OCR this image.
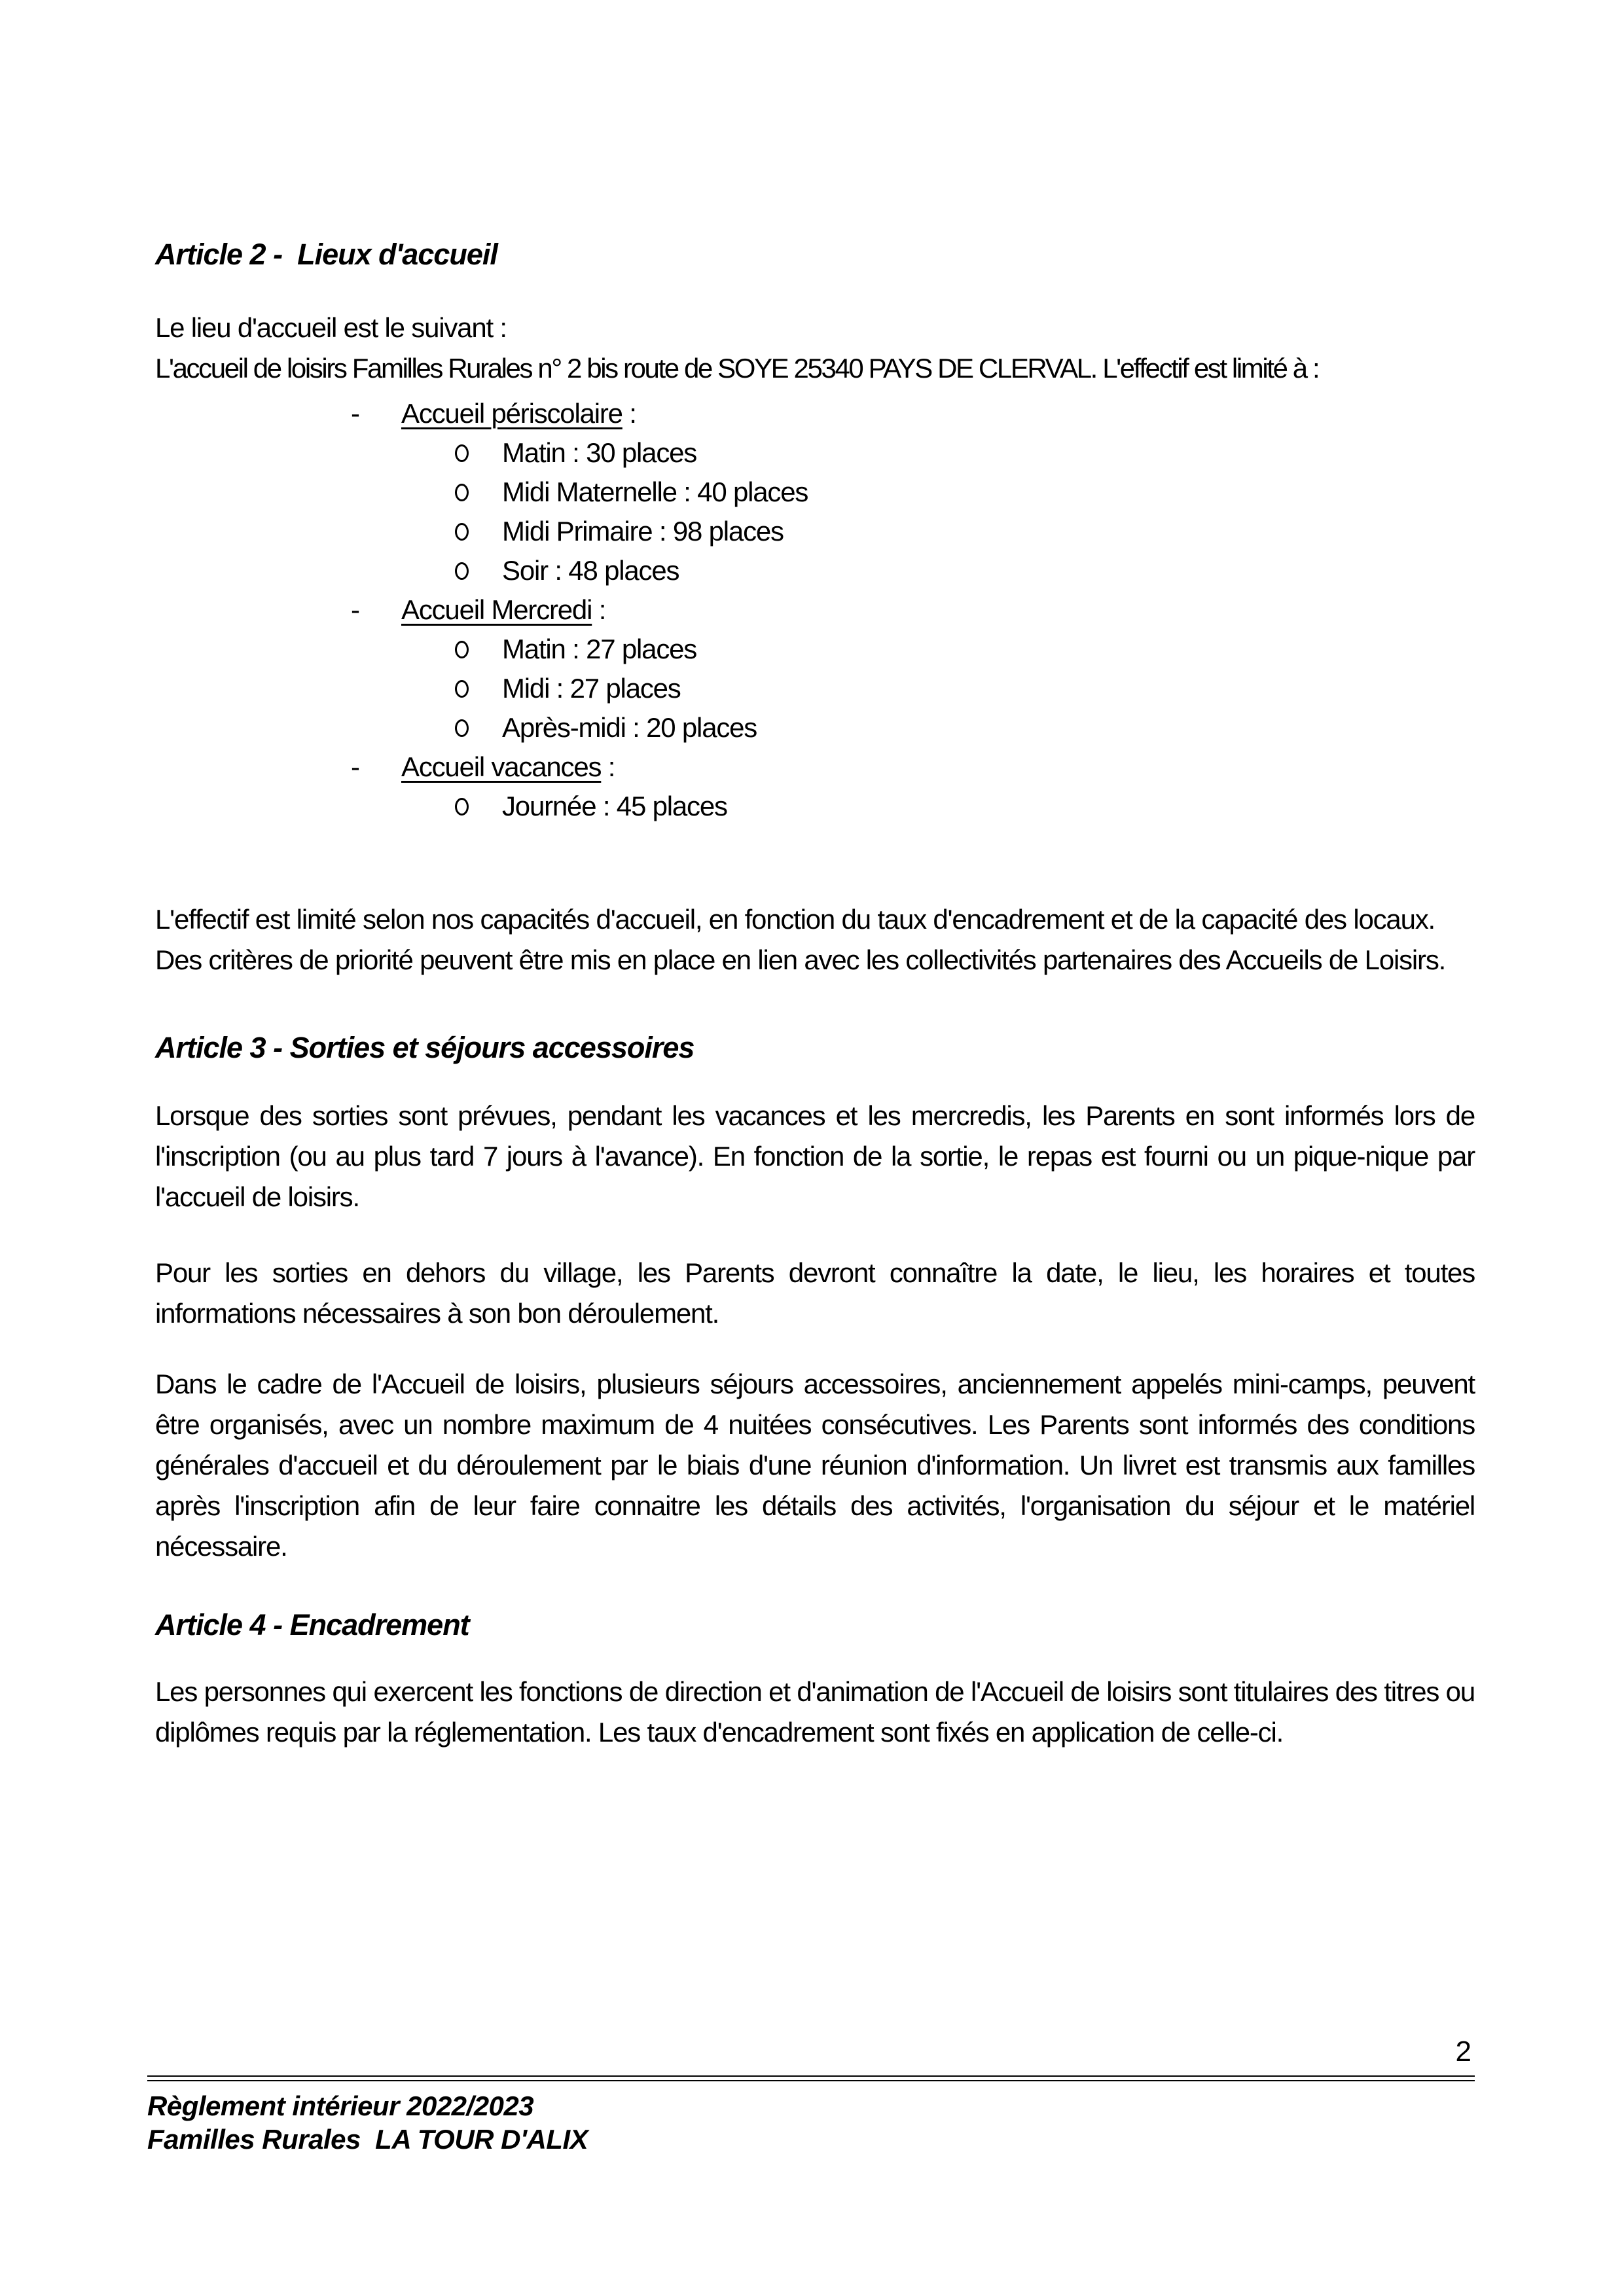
Article 2 -  Lieux d'accueil

Le lieu d'accueil est le suivant :

L'accueil de loisirs Familles Rurales n° 2 bis route de SOYE 25340 PAYS DE CLERVAL. L'effectif est limité à :

- Accueil périscolaire :
Matin : 30 places
Midi Maternelle : 40 places
Midi Primaire : 98 places
Soir : 48 places
- Accueil Mercredi :
Matin : 27 places
Midi : 27 places
Après-midi : 20 places
- Accueil vacances :
Journée : 45 places

L'effectif est limité selon nos capacités d'accueil, en fonction du taux d'encadrement et de la capacité des locaux.

Des critères de priorité peuvent être mis en place en lien avec les collectivités partenaires des Accueils de Loisirs.

Article 3 - Sorties et séjours accessoires

Lorsque des sorties sont prévues, pendant les vacances et les mercredis, les Parents en sont informés lors de l'inscription (ou au plus tard 7 jours à l'avance). En fonction de la sortie, le repas est fourni ou un pique-nique par l'accueil de loisirs.

Pour les sorties en dehors du village, les Parents devront connaître la date, le lieu, les horaires et toutes informations nécessaires à son bon déroulement.

Dans le cadre de l'Accueil de loisirs, plusieurs séjours accessoires, anciennement appelés mini-camps, peuvent être organisés, avec un nombre maximum de 4 nuitées consécutives. Les Parents sont informés des conditions générales d'accueil et du déroulement par le biais d'une réunion d'information. Un livret est transmis aux familles après l'inscription afin de leur faire connaitre les détails des activités, l'organisation du séjour et le matériel nécessaire.

Article 4 - Encadrement

Les personnes qui exercent les fonctions de direction et d'animation de l'Accueil de loisirs sont titulaires des titres ou diplômes requis par la réglementation. Les taux d'encadrement sont fixés en application de celle-ci.

2
Règlement intérieur 2022/2023
Familles Rurales  LA TOUR D'ALIX
